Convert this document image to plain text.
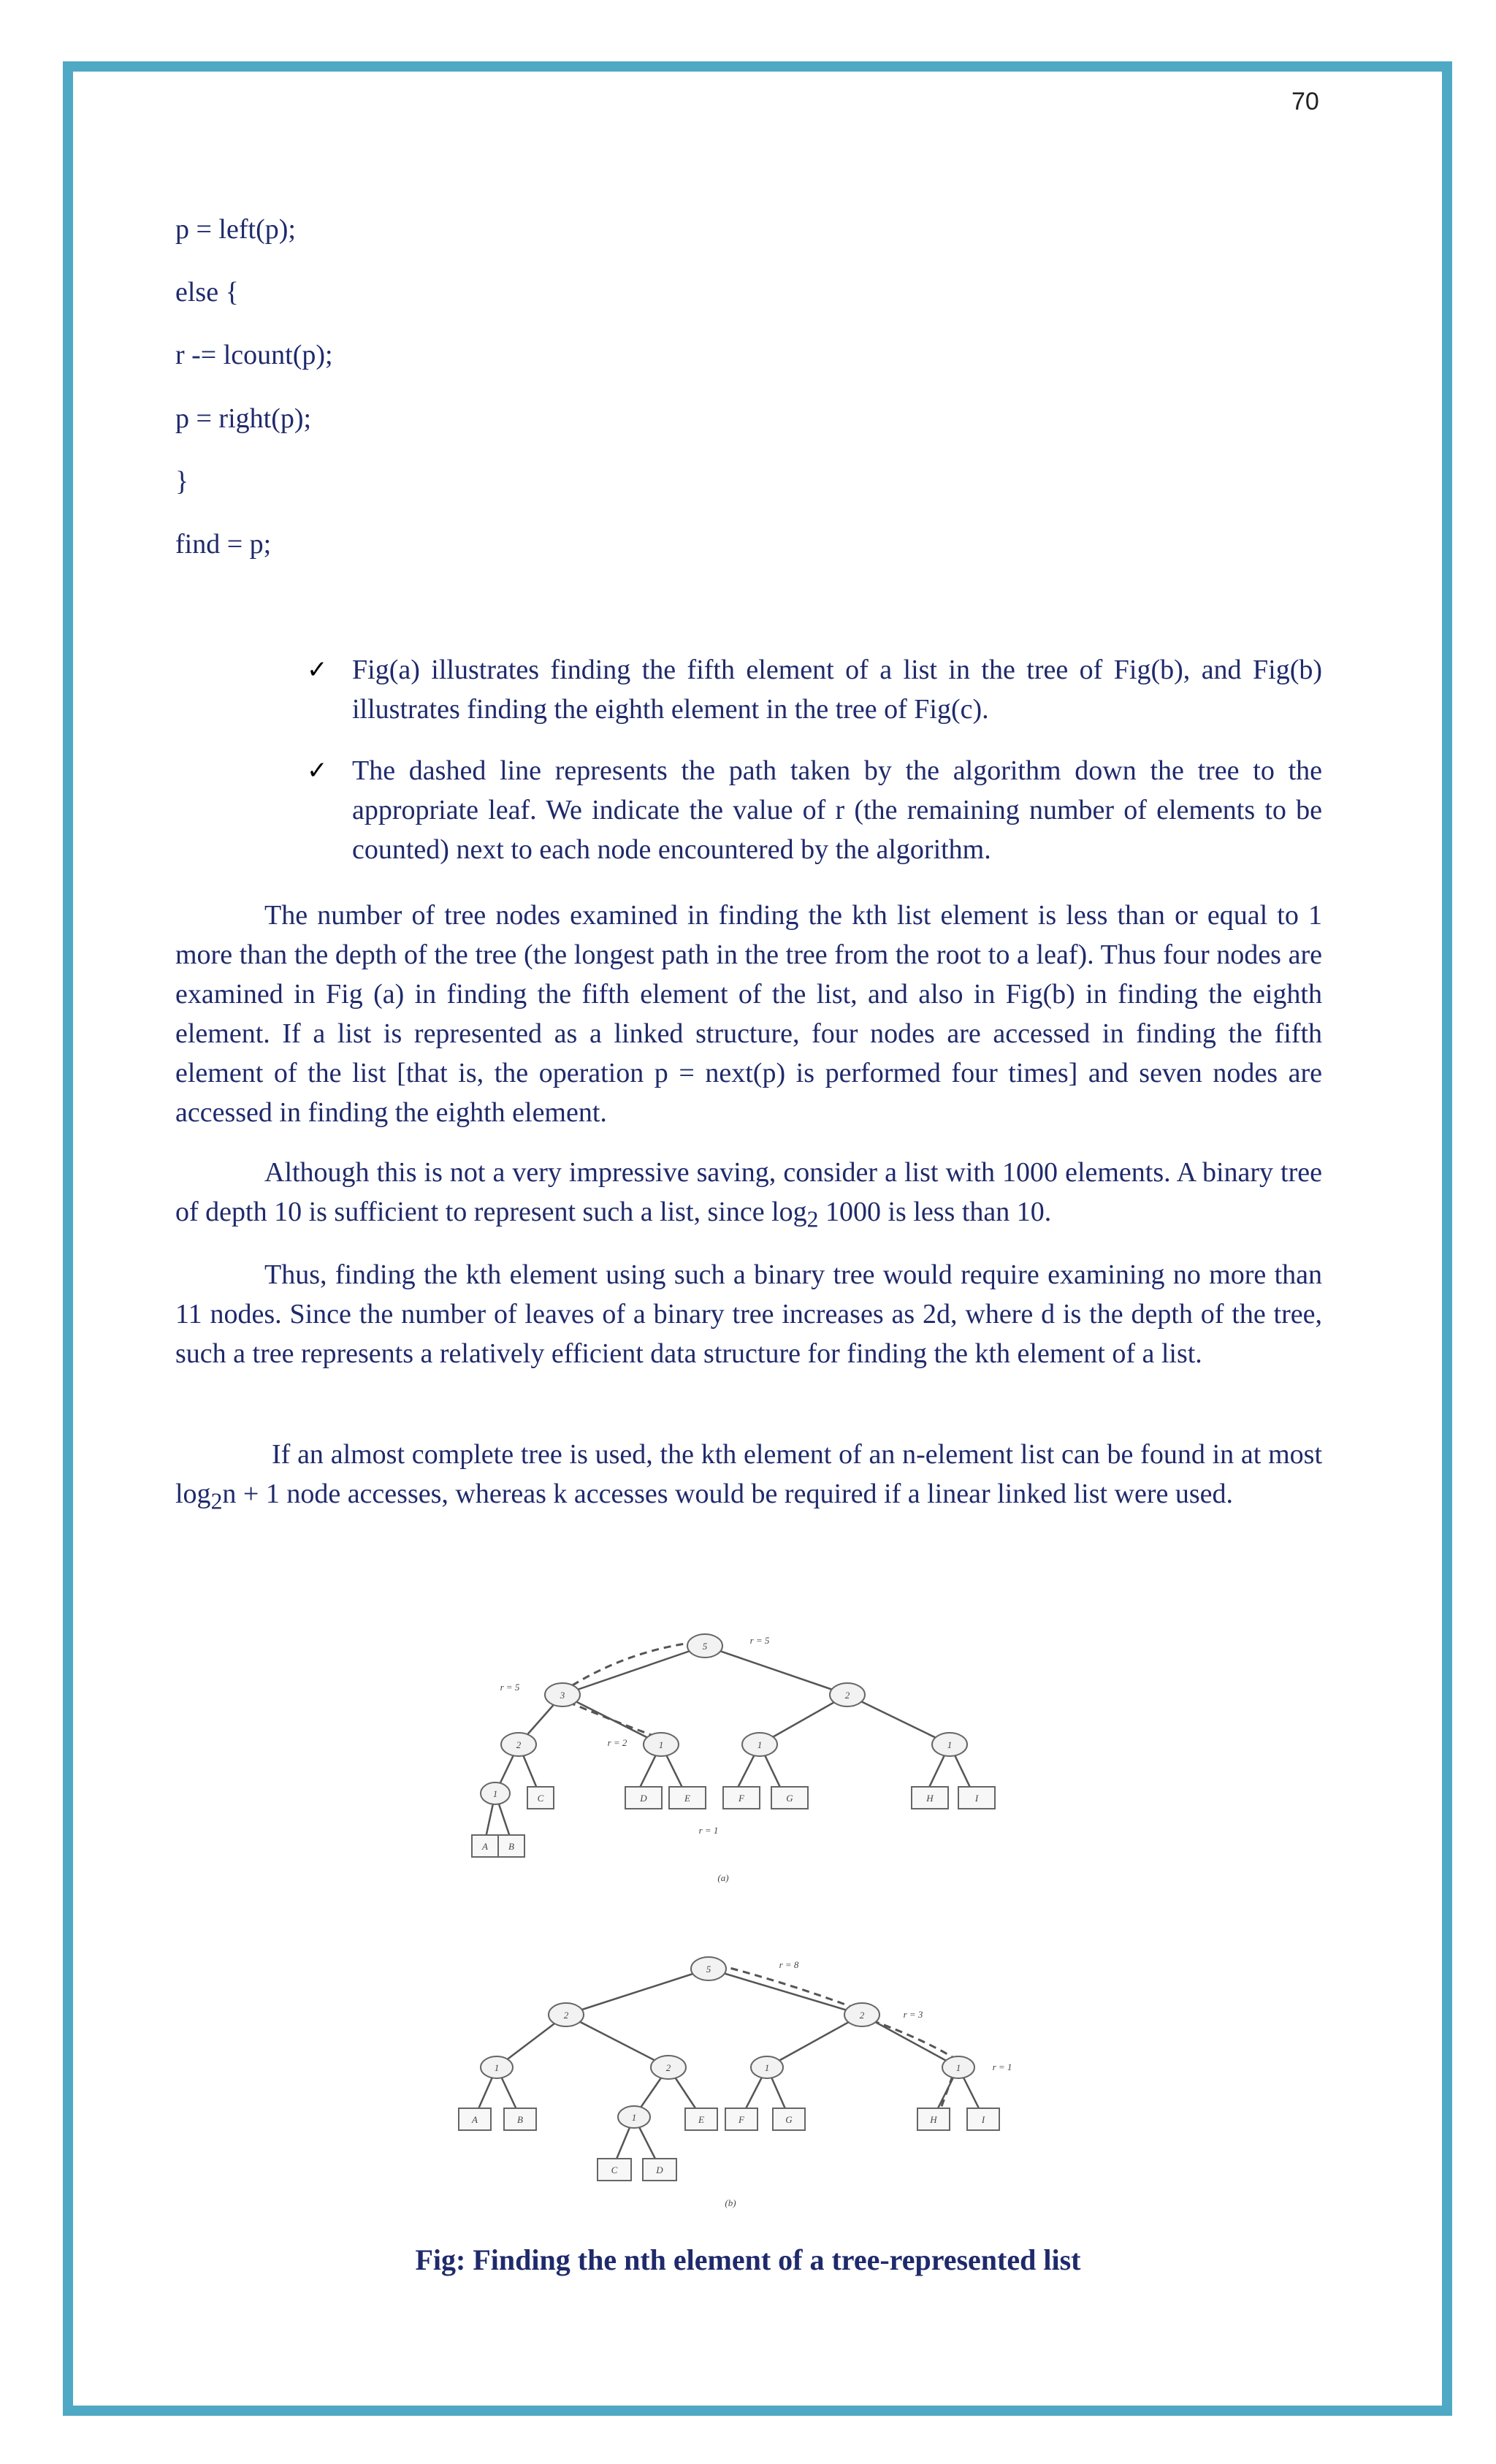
70
p = left(p);
else {
r -= lcount(p);
p = right(p);
}
find = p;
✓ Fig(a) illustrates finding the fifth element of a list in the tree of Fig(b), and Fig(b) illustrates finding the eighth element in the tree of Fig(c).
✓ The dashed line represents the path taken by the algorithm down the tree to the appropriate leaf. We indicate the value of r (the remaining number of elements to be counted) next to each node encountered by the algorithm.
The number of tree nodes examined in finding the kth list element is less than or equal to 1 more than the depth of the tree (the longest path in the tree from the root to a leaf). Thus four nodes are examined in Fig (a) in finding the fifth element of the list, and also in Fig(b) in finding the eighth element. If a list is represented as a linked structure, four nodes are accessed in finding the fifth element of the list [that is, the operation p = next(p) is performed four times] and seven nodes are accessed in finding the eighth element.
Although this is not a very impressive saving, consider a list with 1000 elements. A binary tree of depth 10 is sufficient to represent such a list, since $\log_2 1000$ is less than 10.
Thus, finding the kth element using such a binary tree would require examining no more than 11 nodes. Since the number of leaves of a binary tree increases as 2d, where d is the depth of the tree, such a tree represents a relatively efficient data structure for finding the kth element of a list.
If an almost complete tree is used, the kth element of an n-element list can be found in at most $\log_2n + 1$ node accesses, whereas k accesses would be required if a linear linked list were used.
5
3	2
2	1	1	1
1
A B
C	D	E	F	G	H	I
r = 5
r = 5
r = 2
r = 1
(a)
5
2	2
1	2	1	1
1
A	B
C	D
E	F	G	H	I
r = 8
r = 3
r = 1
(b)
Fig: Finding the nth element of a tree-represented list
